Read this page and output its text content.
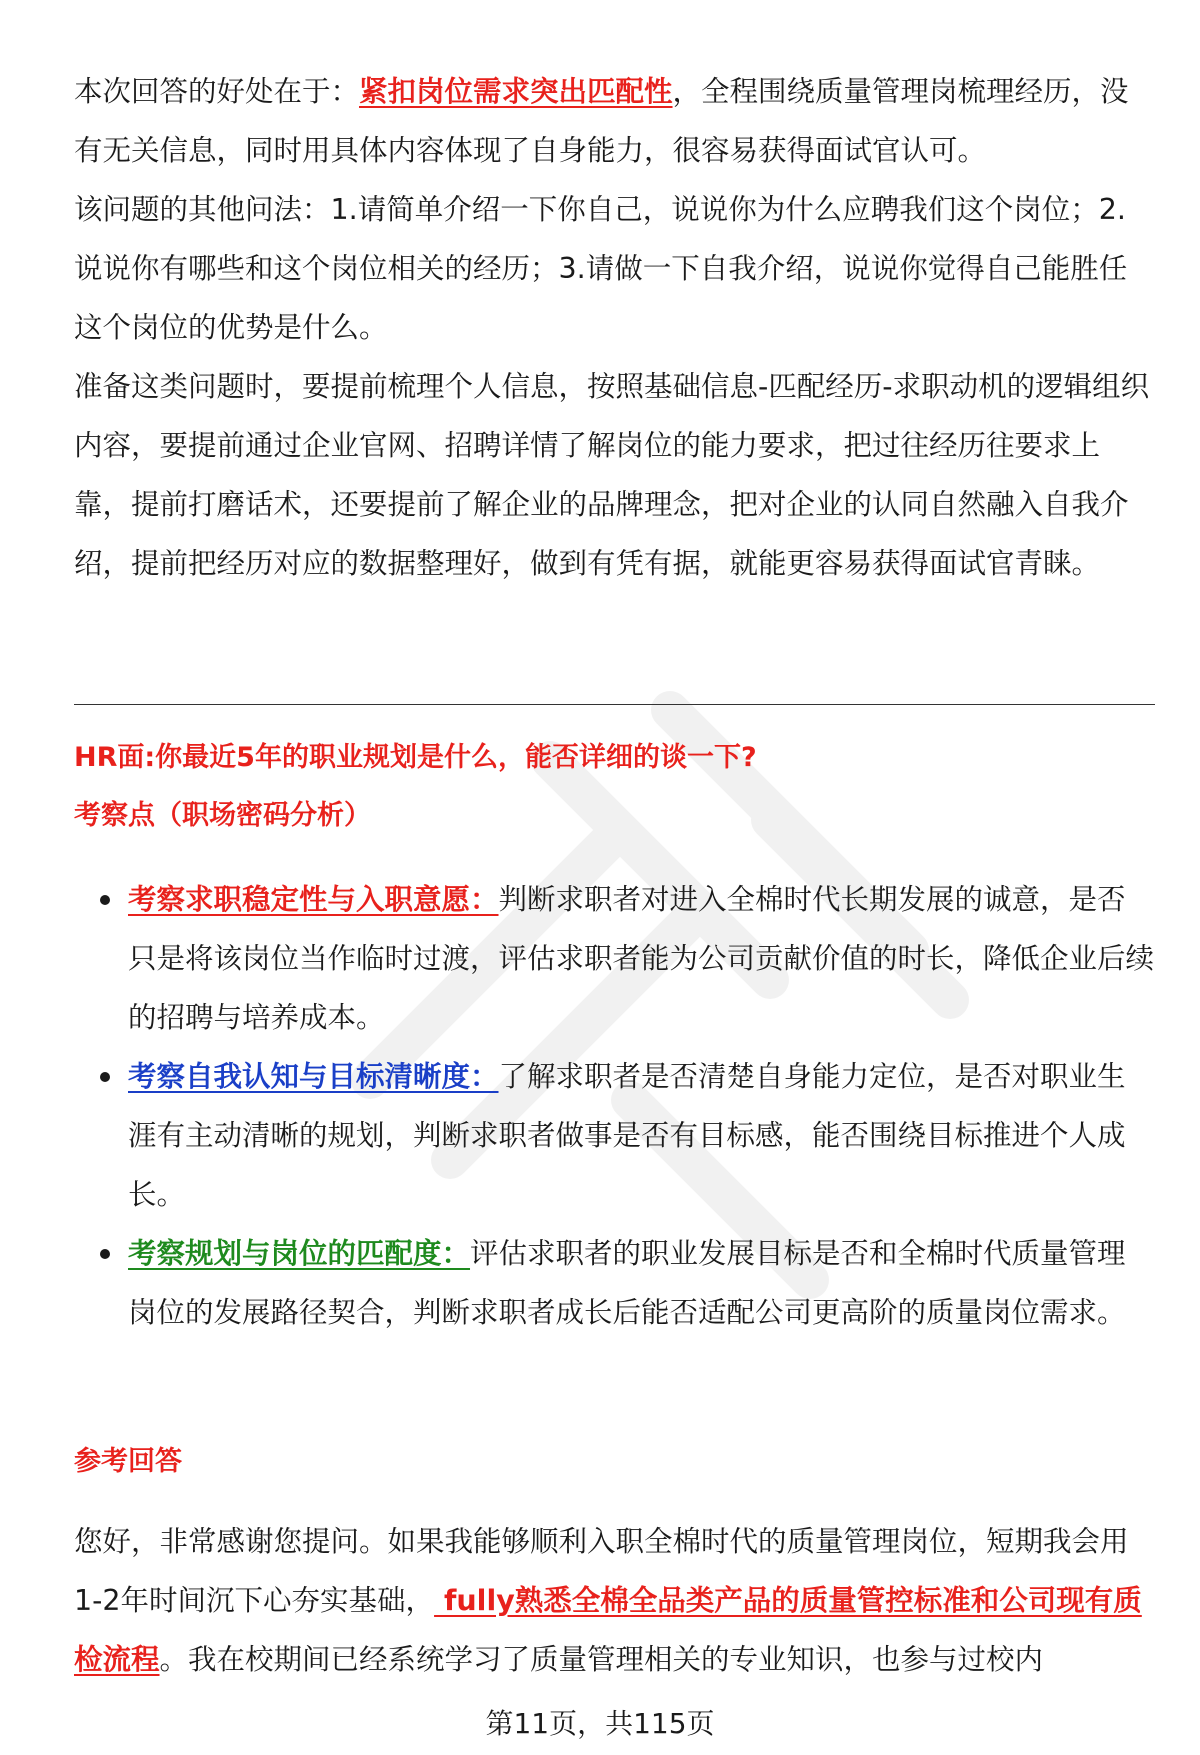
本次回答的好处在于：紧扣岗位需求突出匹配性，全程围绕质量管理岗梳理经历，没有无关信息，同时用具体内容体现了自身能力，很容易获得面试官认可。

该问题的其他问法：1.请简单介绍一下你自己，说说你为什么应聘我们这个岗位；2.说说你有哪些和这个岗位相关的经历；3.请做一下自我介绍，说说你觉得自己能胜任这个岗位的优势是什么。

准备这类问题时，要提前梳理个人信息，按照基础信息-匹配经历-求职动机的逻辑组织内容，要提前通过企业官网、招聘详情了解岗位的能力要求，把过往经历往要求上靠，提前打磨话术，还要提前了解企业的品牌理念，把对企业的认同自然融入自我介绍，提前把经历对应的数据整理好，做到有凭有据，就能更容易获得面试官青睐。

HR面:你最近5年的职业规划是什么，能否详细的谈一下?

考察点（职场密码分析）

考察求职稳定性与入职意愿：判断求职者对进入全棉时代长期发展的诚意，是否只是将该岗位当作临时过渡，评估求职者能为公司贡献价值的时长，降低企业后续的招聘与培养成本。
考察自我认知与目标清晰度：了解求职者是否清楚自身能力定位，是否对职业生涯有主动清晰的规划，判断求职者做事是否有目标感，能否围绕目标推进个人成长。
考察规划与岗位的匹配度：评估求职者的职业发展目标是否和全棉时代质量管理岗位的发展路径契合，判断求职者成长后能否适配公司更高阶的质量岗位需求。

参考回答

您好，非常感谢您提问。如果我能够顺利入职全棉时代的质量管理岗位，短期我会用1-2年时间沉下心夯实基础， fully熟悉全棉全品类产品的质量管控标准和公司现有质检流程。我在校期间已经系统学习了质量管理相关的专业知识，也参与过校内

第11页，共115页
